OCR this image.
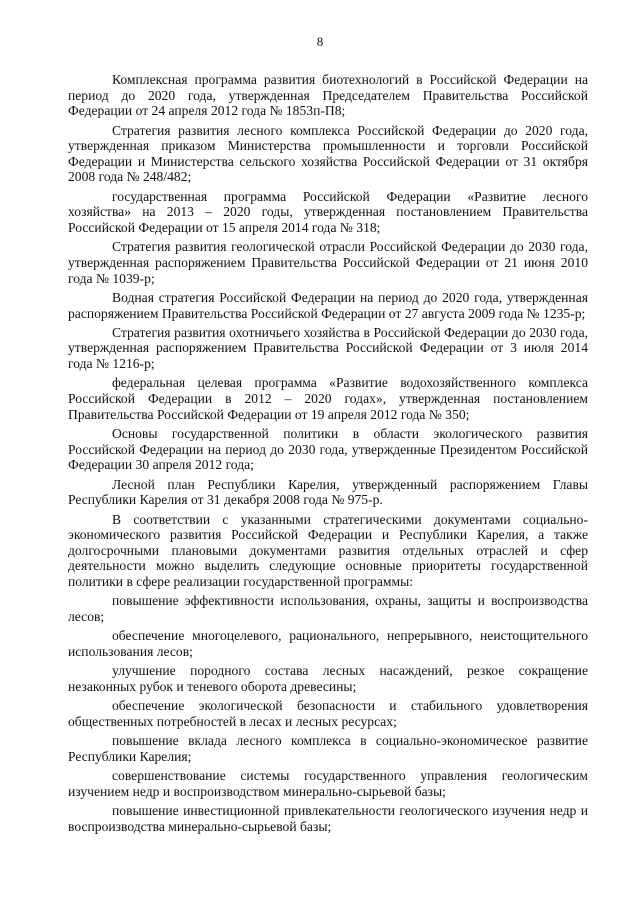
8

Комплексная программа развития биотехнологий в Российской Федерации на период до 2020 года, утвержденная Председателем Правительства Российской Федерации от 24 апреля 2012 года № 1853п-П8;

Стратегия развития лесного комплекса Российской Федерации до 2020 года, утвержденная приказом Министерства промышленности и торговли Российской Федерации и Министерства сельского хозяйства Российской Федерации от 31 октября 2008 года № 248/482;

государственная программа Российской Федерации «Развитие лесного хозяйства» на 2013 – 2020 годы, утвержденная постановлением Правительства Российской Федерации от 15 апреля 2014 года № 318;

Стратегия развития геологической отрасли Российской Федерации до 2030 года, утвержденная распоряжением Правительства Российской Федерации от 21 июня 2010 года № 1039-р;

Водная стратегия Российской Федерации на период до 2020 года, утвержденная распоряжением Правительства Российской Федерации от 27 августа 2009 года № 1235-р;

Стратегия развития охотничьего хозяйства в Российской Федерации до 2030 года, утвержденная распоряжением Правительства Российской Федерации от 3 июля 2014 года № 1216-р;

федеральная целевая программа «Развитие водохозяйственного комплекса Российской Федерации в 2012 – 2020 годах», утвержденная постановлением Правительства Российской Федерации от 19 апреля 2012 года № 350;

Основы государственной политики в области экологического развития Российской Федерации на период до 2030 года, утвержденные Президентом Российской Федерации 30 апреля 2012 года;

Лесной план Республики Карелия, утвержденный распоряжением Главы Республики Карелия от 31 декабря 2008 года № 975-р.

В соответствии с указанными стратегическими документами социально-экономического развития Российской Федерации и Республики Карелия, а также долгосрочными плановыми документами развития отдельных отраслей и сфер деятельности можно выделить следующие основные приоритеты государственной политики в сфере реализации государственной программы:

повышение эффективности использования, охраны, защиты и воспроизводства лесов;

обеспечение многоцелевого, рационального, непрерывного, неистощительного использования лесов;

улучшение породного состава лесных насаждений, резкое сокращение незаконных рубок и теневого оборота древесины;

обеспечение экологической безопасности и стабильного удовлетворения общественных потребностей в лесах и лесных ресурсах;

повышение вклада лесного комплекса в социально-экономическое развитие Республики Карелия;

совершенствование системы государственного управления геологическим изучением недр и воспроизводством минерально-сырьевой базы;

повышение инвестиционной привлекательности геологического изучения недр и воспроизводства минерально-сырьевой базы;
